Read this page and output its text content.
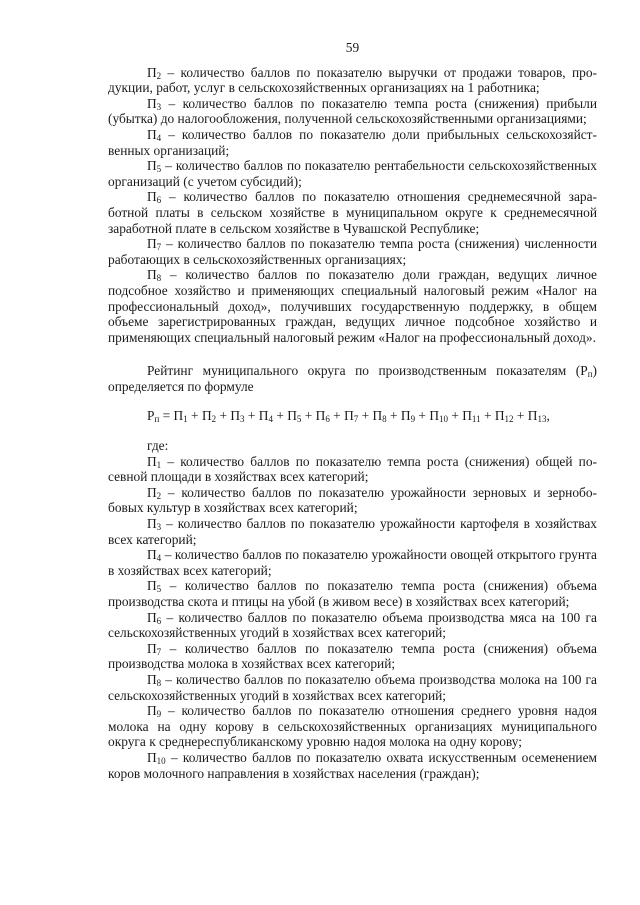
59

$П_2$ – количество баллов по показателю выручки от продажи товаров, продукции, работ, услуг в сельскохозяйственных организациях на 1 работника;

$П_3$ – количество баллов по показателю темпа роста (снижения) прибыли (убытка) до налогообложения, полученной сельскохозяйственными организациями;

$П_4$ – количество баллов по показателю доли прибыльных сельскохозяйственных организаций;

$П_5$ – количество баллов по показателю рентабельности сельскохозяйственных организаций (с учетом субсидий);

$П_6$ – количество баллов по показателю отношения среднемесячной заработной платы в сельском хозяйстве в муниципальном округе к среднемесячной заработной плате в сельском хозяйстве в Чувашской Республике;

$П_7$ – количество баллов по показателю темпа роста (снижения) численности работающих в сельскохозяйственных организациях;

$П_8$ – количество баллов по показателю доли граждан, ведущих личное подсобное хозяйство и применяющих специальный налоговый режим «Налог на профессиональный доход», получивших государственную поддержку, в общем объеме зарегистрированных граждан, ведущих личное подсобное хозяйство и применяющих специальный налоговый режим «Налог на профессиональный доход».

Рейтинг муниципального округа по производственным показателям $(Р_п)$ определяется по формуле

$Р_п = П_1 + П_2 + П_3 + П_4 + П_5 + П_6 + П_7 + П_8 + П_9 + П_{10} + П_{11} + П_{12} + П_{13}$,

где:

$П_1$ – количество баллов по показателю темпа роста (снижения) общей посевной площади в хозяйствах всех категорий;

$П_2$ – количество баллов по показателю урожайности зерновых и зернобобовых культур в хозяйствах всех категорий;

$П_3$ – количество баллов по показателю урожайности картофеля в хозяйствах всех категорий;

$П_4$ – количество баллов по показателю урожайности овощей открытого грунта в хозяйствах всех категорий;

$П_5$ – количество баллов по показателю темпа роста (снижения) объема производства скота и птицы на убой (в живом весе) в хозяйствах всех категорий;

$П_6$ – количество баллов по показателю объема производства мяса на 100 га сельскохозяйственных угодий в хозяйствах всех категорий;

$П_7$ – количество баллов по показателю темпа роста (снижения) объема производства молока в хозяйствах всех категорий;

$П_8$ – количество баллов по показателю объема производства молока на 100 га сельскохозяйственных угодий в хозяйствах всех категорий;

$П_9$ – количество баллов по показателю отношения среднего уровня надоя молока на одну корову в сельскохозяйственных организациях муниципального округа к среднереспубликанскому уровню надоя молока на одну корову;

$П_{10}$ – количество баллов по показателю охвата искусственным осеменением коров молочного направления в хозяйствах населения (граждан);
